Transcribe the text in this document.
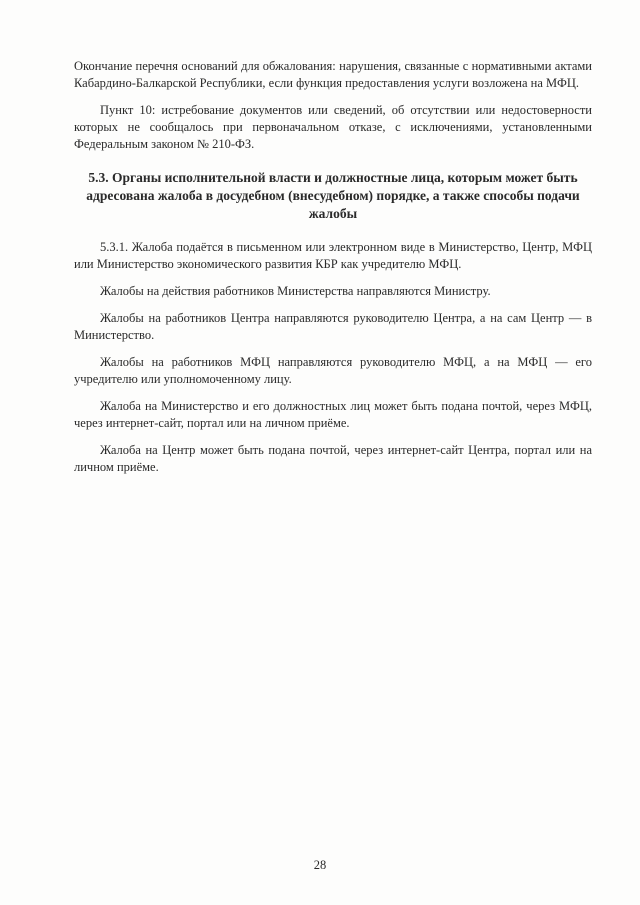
Окончание перечня оснований для обжалования: нарушения, связанные с нормативными актами Кабардино-Балкарской Республики, если функция предоставления услуги возложена на МФЦ.

Пункт 10: истребование документов или сведений, об отсутствии или недостоверности которых не сообщалось при первоначальном отказе, с исключениями, установленными Федеральным законом № 210-ФЗ.

5.3. Органы исполнительной власти и должностные лица, которым может быть адресована жалоба в досудебном (внесудебном) порядке, а также способы подачи жалобы

5.3.1. Жалоба подаётся в письменном или электронном виде в Министерство, Центр, МФЦ или Министерство экономического развития КБР как учредителю МФЦ.

Жалобы на действия работников Министерства направляются Министру.

Жалобы на работников Центра направляются руководителю Центра, а на сам Центр — в Министерство.

Жалобы на работников МФЦ направляются руководителю МФЦ, а на МФЦ — его учредителю или уполномоченному лицу.

Жалоба на Министерство и его должностных лиц может быть подана почтой, через МФЦ, через интернет-сайт, портал или на личном приёме.

Жалоба на Центр может быть подана почтой, через интернет-сайт Центра, портал или на личном приёме.

28
